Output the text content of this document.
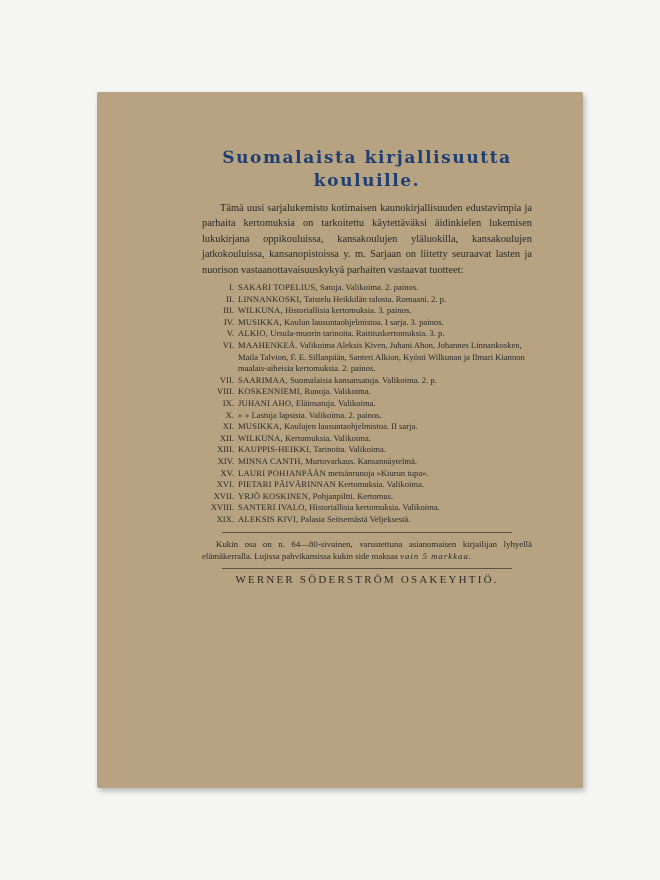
Suomalaista kirjallisuutta
kouluille.

Tämä uusi sarjalukemisto kotimaisen kaunokirjallisuuden edustavimpia ja parhaita kertomuksia on tarkoitettu käytettäväksi äidinkielen lukemisen lukukirjana oppikouluissa, kansakoulujen yläluokilla, kansakoulujen jatkokouluissa, kansanopistoissa y. m. Sarjaan on liitetty seuraavat lasten ja nuorison vastaanottavaisuuskykyä parhaiten vastaavat tuotteet:

I. SAKARI TOPELIUS, Satuja. Valikoima. 2. painos.
II. LINNANKOSKI, Taistelu Heikkilän talosta. Romaani. 2. p.
III. WILKUNA, Historiallisia kertomuksia. 3. painos.
IV. MUSIKKA, Koulun lausuntaohjelmistoa. I sarja. 3. painos.
V. ALKIO, Ursula-muorin tarinoita. Raittiuskertomuksia. 3. p.
VI. MAAHENKEÄ. Valikoima Aleksis Kiven, Juhani Ahon, Johannes Linnankosken, Maila Talvion, F. E. Sillanpään, Santeri Alkion, Kyösti Wilkunan ja Ilmari Kiannon maalais-aiheisia kertomuksia. 2. painos.
VII. SAARIMAA, Suomalaisia kansansatuja. Valikoima. 2. p.
VIII. KOSKENNIEMI, Runoja. Valikoima.
IX. JUHANI AHO, Eläinsatuja. Valikoima.
X. » » Lastuja lapsista. Valikoima. 2. painos.
XI. MUSIKKA, Koulujen lausuntaohjelmistoa. II sarja.
XII. WILKUNA, Kertomuksia. Valikoima.
XIII. KAUPPIS-HEIKKI, Tarinoita. Valikoima.
XIV. MINNA CANTH, Murtovarkaus. Kansannäytelmä.
XV. LAURI POHJANPÄÄN metsänrunoja »Kiurun tupa».
XVI. PIETARI PÄIVÄRINNAN Kertomuksia. Valikoima.
XVII. YRJÖ KOSKINEN, Pohjanpiltti. Kertomus.
XVIII. SANTERI IVALO, Historiallisia kertomuksia. Valikoima.
XIX. ALEKSIS KIVI, Palasia Seitsemästä Veljeksestä.

Kukin osa on n. 64—80-sivuinen, varustettuna asianomaisen kirjailijan lyhyellä elämäkerralla. Lujissa pahvikansissa kukin side maksaa vain 5 markkaa.

WERNER SÖDERSTRÖM OSAKEYHTIÖ.
